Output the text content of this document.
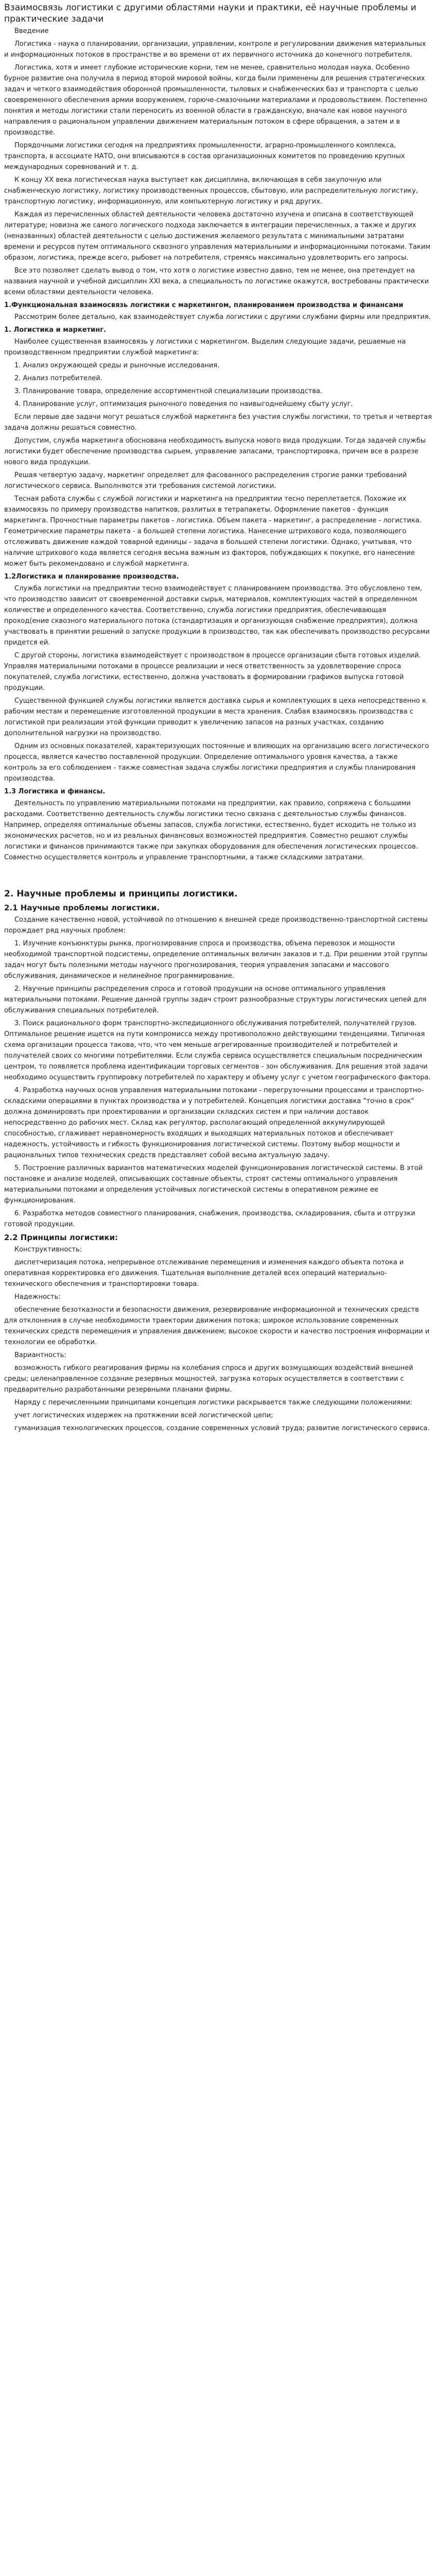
Взаимосвязь логистики с другими областями науки и практики, её научные проблемы и практические задачи

Введение

Логистика - наука о планировании, организации, управлении, контроле и регулировании движения материальных и информационных потоков в пространстве и во времени от их первичного источника до конечного потребителя.

Логистика, хотя и имеет глубокие исторические корни, тем не менее, сравнительно молодая наука. Особенно бурное развитие она получила в период второй мировой войны, когда были применены для решения стратегических задач и четкого взаимодействия оборонной промышленности, тыловых и снабженческих баз и транспорта с целью своевременного обеспечения армии вооружением, горюче-смазочными материалами и продовольствием. Постепенно понятия и методы логистики стали переносить из военной области в гражданскую, вначале как новое научного направления о рациональном управлении движением материальным потоком в сфере обращения, а затем и в производстве.

Порядочными логистики сегодня на предприятиях промышленности, аграрно-промышленного комплекса, транспорта, в ассоциате НАТО, они вписываются в состав организационных комитетов по проведению крупных международных соревнований и т. д.

К концу XX века логистическая наука выступает как дисциплина, включающая в себя закупочную или снабженческую логистику, логистику производственных процессов, сбытовую, или распределительную логистику, транспортную логистику, информационную, или компьютерную логистику и ряд других.

Каждая из перечисленных областей деятельности человека достаточно изучена и описана в соответствующей литературе; новизна же самого логического подхода заключается в интеграции перечисленных, а также и других (неназванных) областей деятельности с целью достижения желаемого результата с минимальными затратами времени и ресурсов путем оптимального сквозного управления материальными и информационными потоками. Таким образом, логистика, прежде всего, рыбовет на потребителя, стремясь максимально удовлетворить его запросы.

Все это позволяет сделать вывод о том, что хотя о логистике известно давно, тем не менее, она претендует на названия научной и учебной дисциплин XXI века, а специальность по логистике окажутся, востребованы практически всеми областями деятельности человека.

1.Функциональная взаимосвязь логистики с маркетингом, планированием производства и финансами

Рассмотрим более детально, как взаимодействует служба логистики с другими службами фирмы или предприятия.

1. Логистика и маркетинг.

Наиболее существенная взаимосвязь у логистики с маркетингом. Выделим следующие задачи, решаемые на производственном предприятии службой маркетинга:

1. Анализ окружающей среды и рыночные исследования.

2. Анализ потребителей.

3. Планирование товара, определение ассортиментной специализации производства.

4. Планирование услуг, оптимизация рыночного поведения по наивыгоднейшему сбыту услуг.

Если первые две задачи могут решаться службой маркетинга без участия службы логистики, то третья и четвертая задача должны решаться совместно.

Допустим, служба маркетинга обоснована необходимость выпуска нового вида продукции. Тогда задачей службы логистики будет обеспечение производства сырьем, управление запасами, транспортировка, причем все в разрезе нового вида продукции.

Решая четвертую задачу, маркетинг определяет для фасованного распределения строгие рамки требований логистического сервиса. Выполняются эти требования системой логистики.

Тесная работа службы с службой логистики и маркетинга на предприятии тесно переплетается. Похожие их взаимосвязь по примеру производства напитков, разлитых в тетрапакеты. Оформление пакетов - функция маркетинга. Прочностные параметры пакетов - логистика. Объем пакета - маркетинг, а распределение - логистика. Геометрические параметры пакета - а большей степени логистика. Нанесение штрихового кода, позволяющего отслеживать движение каждой товарной единицы - задача в большей степени логистики. Однако, учитывая, что наличие штрихового кода является сегодня весьма важным из факторов, побуждающих к покупке, его нанесение может быть рекомендовано и службой маркетинга.

1.2Логистика и планирование производства.

Служба логистики на предприятии тесно взаимодействует с планированием производства. Это обусловлено тем, что производство зависит от своевременной доставки сырья, материалов, комплектующих частей в определенном количестве и определенного качества. Соответственно, служба логистики предприятия, обеспечивающая проход(ение сквозного материального потока (стандартизация и организующая снабжение предприятия), должна участвовать в принятии решений о запуске продукции в производство, так как обеспечивать производство ресурсами придется ей.

С другой стороны, логистика взаимодействует с производством в процессе организации сбыта готовых изделий. Управляя материальными потоками в процессе реализации и неся ответственность за удовлетворение спроса покупателей, служба логистики, естественно, должна участвовать в формировании графиков выпуска готовой продукции.

Существенной функцией службы логистики является доставка сырья и комплектующих в цеха непосредственно к рабочим местам и перемещение изготовленной продукции в места хранения. Слабая взаимосвязь производства с логистикой при реализации этой функции приводит к увеличению запасов на разных участках, созданию дополнительной нагрузки на производство.

Одним из основных показателей, характеризующих постоянные и влияющих на организацию всего логистического процесса, является качество поставленной продукции. Определение оптимального уровня качества, а также контроль за его соблюдением - также совместная задача службы логистики предприятия и службы планирования производства.

1.3 Логистика и финансы.

Деятельность по управлению материальными потоками на предприятии, как правило, сопряжена с большими расходами. Соответственно деятельность службы логистики тесно связана с деятельностью службы финансов. Например, определяя оптимальные объемы запасов, служба логистики, естественно, будет исходить не только из экономических расчетов, но и из реальных финансовых возможностей предприятия. Совместно решают службы логистики и финансов принимаются также при закупках оборудования для обеспечения логистических процессов. Совместно осуществляется контроль и управление транспортными, а также складскими затратами.

2. Научные проблемы и принципы логистики.
2.1 Научные проблемы логистики.

Создание качественно новой, устойчивой по отношению к внешней среде производственно-транспортной системы порождает ряд научных проблем:

1. Изучение конъюнктуры рынка, прогнозирование спроса и производства, объема перевозок и мощности необходимой транспортной подсистемы, определение оптимальных величин заказов и т.д. При решении этой группы задач могут быть полезными методы научного прогнозирования, теория управления запасами и массового обслуживания, динамическое и нелинейное программирование.

2. Научные принципы распределения спроса и готовой продукции на основе оптимального управления материальными потоками. Решение данной группы задач строит разнообразные структуры логистических цепей для обслуживания специальных потребителей.

3. Поиск рационального форм транспортно-экспедиционного обслуживания потребителей, получателей грузов. Оптимальное решение ищется на пути компромисса между противоположно действующими тенденциями. Типичная схема организации процесса такова, что, что чем меньше агрегированные производителей и потребителей и получателей своих со многими потребителями. Если служба сервиса осуществляется специальным посредническим центром, то появляется проблема идентификации торговых сегментов - зон обслуживания. Для решения этой задачи необходимо осуществить группировку потребителей по характеру и объему услуг с учетом географического фактора.

4. Разработка научных основ управления материальными потоками - перегрузочными процессами и транспортно-складскими операциями в пунктах производства и у потребителей. Концепция логистики доставка "точно в срок" должна доминировать при проектировании и организации складских систем и при наличии доставок непосредственно до рабочих мест. Склад как регулятор, располагающий определенной аккумулирующей способностью, сглаживает неравномерность входящих и выходящих материальных потоков и обеспечивает надежность, устойчивость и гибкость функционирования логистической системы. Поэтому выбор мощности и рациональных типов технических средств представляет собой весьма актуальную задачу.

5. Построение различных вариантов математических моделей функционирования логистической системы. В этой постановке и анализе моделей, описывающих составные объекты, строят системы оптимального управления материальными потоками и определения устойчивых логистической системы в оперативном режиме ее функционирования.

6. Разработка методов совместного планирования, снабжения, производства, складирования, сбыта и отгрузки готовой продукции.

2.2 Принципы логистики:

Конструктивность:

диспетчеризация потока, непрерывное отслеживание перемещения и изменения каждого объекта потока и оперативная корректировка его движения. Тщательная выполнение деталей всех операций материально-технического обеспечения и транспортировки товара.

Надежность:

обеспечение безотказности и безопасности движения, резервирование информационной и технических средств для отклонения в случае необходимости траектории движения потока; широкое использование современных технических средств перемещения и управления движением; высокое скорости и качество построения информации и технологии ее обработки.

Вариантность:

возможность гибкого реагирования фирмы на колебания спроса и других возмущающих воздействий внешней среды; целенаправленное создание резервных мощностей, загрузка которых осуществляется в соответствии с предварительно разработанными резервными планами фирмы.

Наряду с перечисленными принципами концепция логистики раскрывается также следующими положениями:

учет логистических издержек на протяжении всей логистической цепи;

гуманизация технологических процессов, создание современных условий труда; развитие логистического сервиса.
